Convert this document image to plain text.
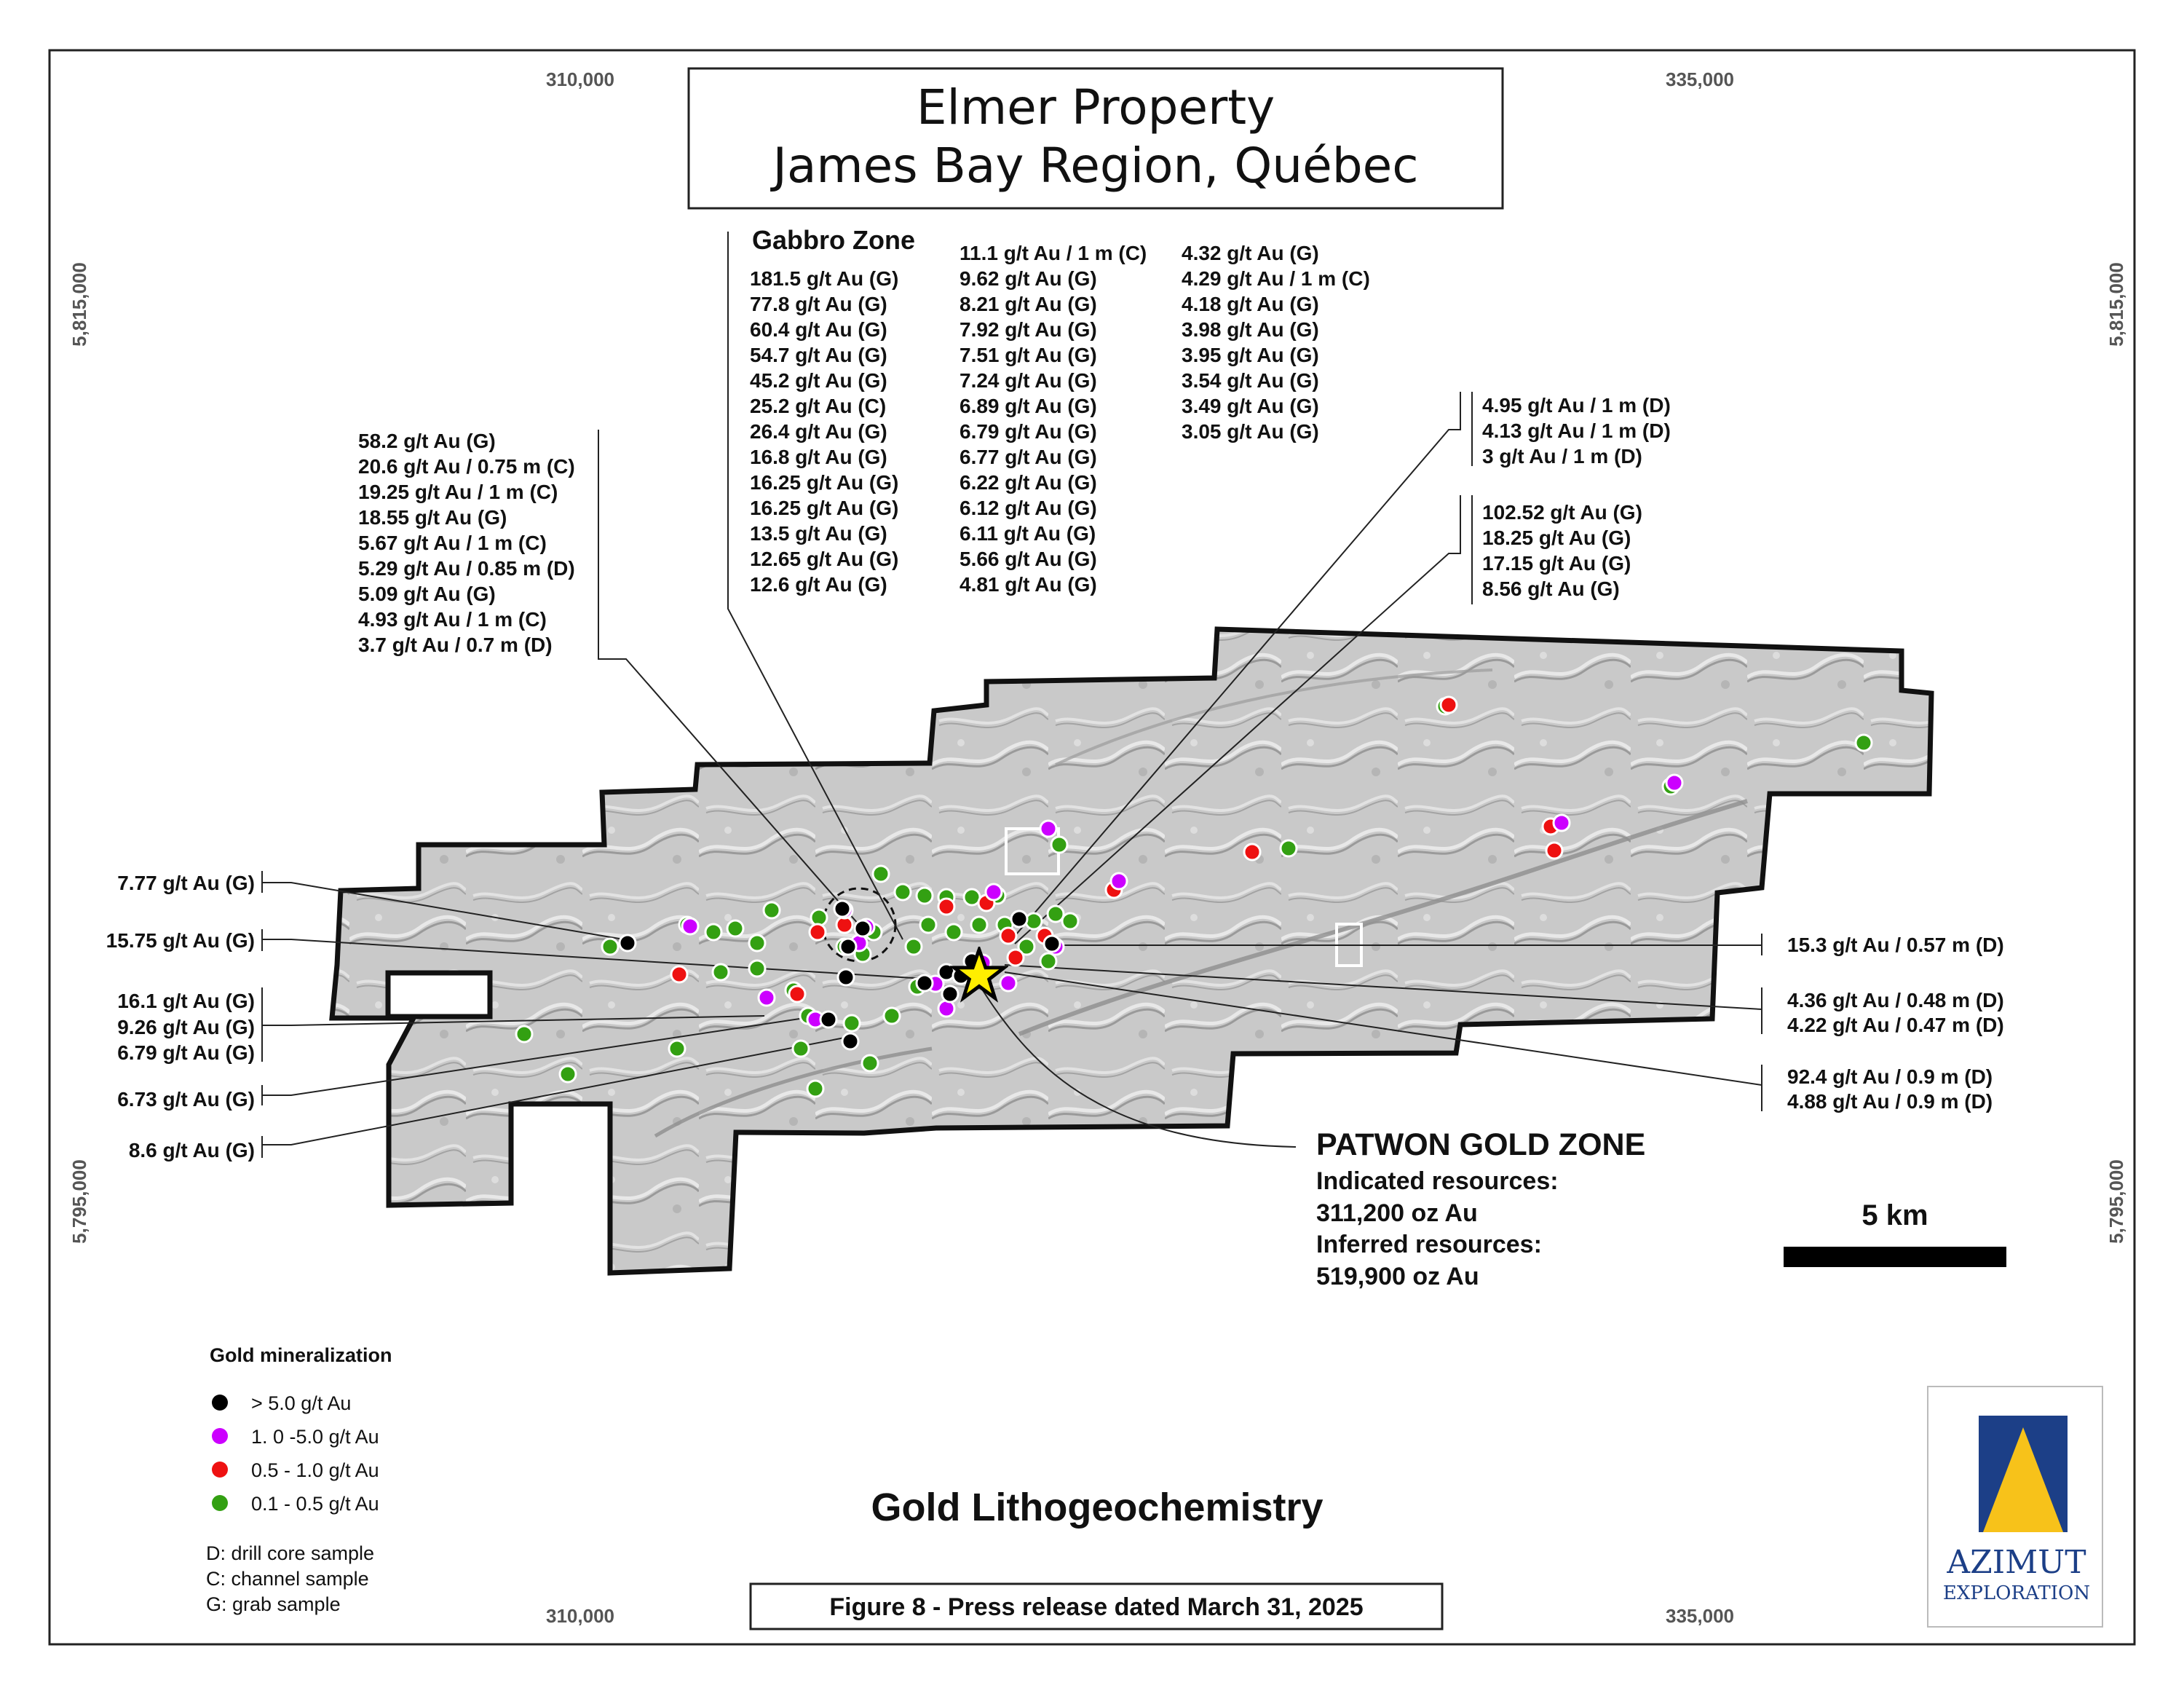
Elmer Property
James Bay Region, Québec
310,000	335,000
310,000	335,000
5,815,000
5,795,000
5,815,000
5,795,000
Gabbro Zone
181.5 g/t Au (G)
77.8 g/t Au (G)
60.4 g/t Au (G)
54.7 g/t Au (G)
45.2 g/t Au (G)
25.2 g/t Au (C)
26.4 g/t Au (G)
16.8 g/t Au (G)
16.25 g/t Au (G)
16.25 g/t Au (G)
13.5 g/t Au (G)
12.65 g/t Au (G)
12.6 g/t Au (G)
11.1 g/t Au / 1 m (C)
9.62 g/t Au (G)
8.21 g/t Au (G)
7.92 g/t Au (G)
7.51 g/t Au (G)
7.24 g/t Au (G)
6.89 g/t Au (G)
6.79 g/t Au (G)
6.77 g/t Au (G)
6.22 g/t Au (G)
6.12 g/t Au (G)
6.11 g/t Au (G)
5.66 g/t Au (G)
4.81 g/t Au (G)
4.32 g/t Au (G)
4.29 g/t Au / 1 m (C)
4.18 g/t Au (G)
3.98 g/t Au (G)
3.95 g/t Au (G)
3.54 g/t Au (G)
3.49 g/t Au (G)
3.05 g/t Au (G)
58.2 g/t Au (G)
20.6 g/t Au / 0.75 m (C)
19.25 g/t Au / 1 m (C)
18.55 g/t Au (G)
5.67 g/t Au / 1 m (C)
5.29 g/t Au / 0.85 m (D)
5.09 g/t Au (G)
4.93 g/t Au / 1 m (C)
3.7 g/t Au / 0.7 m (D)
4.95 g/t Au / 1 m (D)
4.13 g/t Au / 1 m (D)
3 g/t Au / 1 m (D)
102.52 g/t Au (G)
18.25 g/t Au (G)
17.15 g/t Au (G)
8.56 g/t Au (G)
7.77 g/t Au (G)
15.75 g/t Au (G)
16.1 g/t Au (G)
9.26 g/t Au (G)
6.79 g/t Au (G)
6.73 g/t Au (G)
8.6 g/t Au (G)
15.3 g/t Au / 0.57 m (D)
4.36 g/t Au / 0.48 m (D)
4.22 g/t Au / 0.47 m (D)
92.4 g/t Au / 0.9 m (D)
4.88 g/t Au / 0.9 m (D)
PATWON GOLD ZONE
Indicated resources:
311,200 oz Au
Inferred resources:
519,900 oz Au
5 km
Gold mineralization
> 5.0 g/t Au
1. 0 -5.0 g/t Au
0.5 - 1.0 g/t Au
0.1 - 0.5 g/t Au
D: drill core sample
C: channel sample
G: grab sample
Gold Lithogeochemistry
Figure 8 - Press release dated March 31, 2025
AZIMUT
EXPLORATION
